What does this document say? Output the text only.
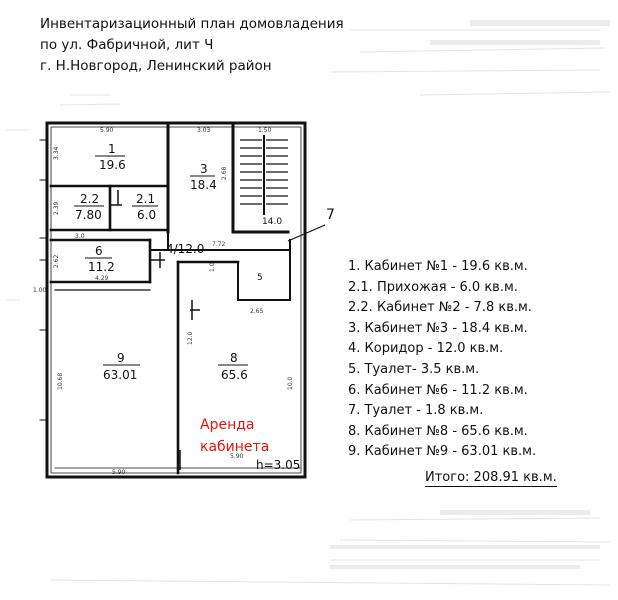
Инвентаризационный план домовладения
по ул. Фабричной, лит Ч
г. Н.Новгород, Ленинский район
7
1
19.6	3
18.4
2.2
7.80
2.1
6.0
6
11.2
4/12.0
9
63.01
8
65.6
5
14.0
5.90	3.03	1.50
3.34
2.68
2.39
3.0
2.62
4.29
7.72
1.0
1.00
12.0
2.65
10.68	10.0
5.90
5.90
Аренда
кабинета
h=3.05
1. Кабинет №1 - 19.6 кв.м.
2.1. Прихожая - 6.0 кв.м.
2.2. Кабинет №2 - 7.8 кв.м.
3. Кабинет №3 - 18.4 кв.м.
4. Коридор - 12.0 кв.м.
5. Туалет- 3.5 кв.м.
6. Кабинет №6 - 11.2 кв.м.
7. Туалет - 1.8 кв.м.
8. Кабинет №8 - 65.6 кв.м.
9. Кабинет №9 - 63.01 кв.м.
Итого: 208.91 кв.м.
